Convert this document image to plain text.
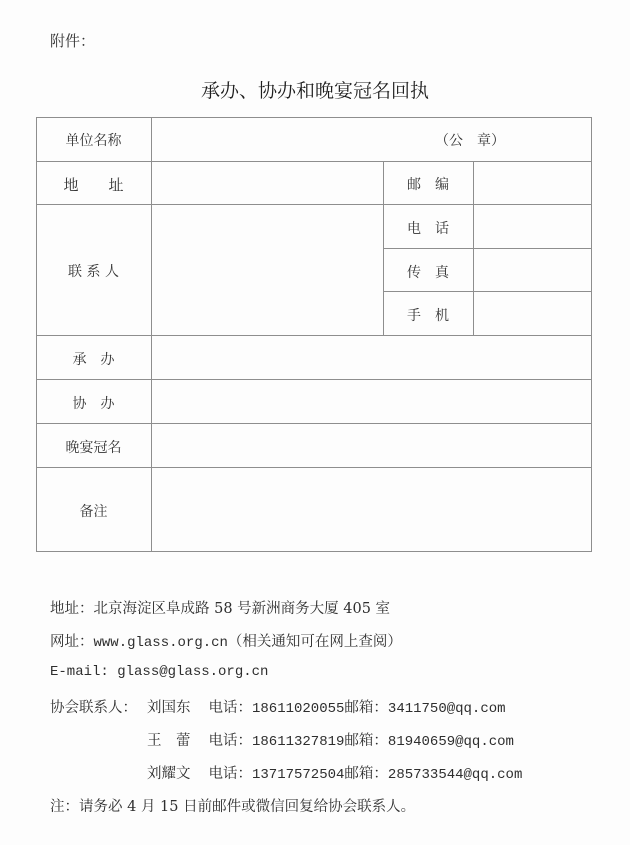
附件：
承办、协办和晚宴冠名回执
单位名称	（公　章）
地　　址	邮　编
联 系 人
电　话
传　真
手　机
承　办
协　办
晚宴冠名
备注
地址：北京海淀区阜成路 58 号新洲商务大厦 405 室
网址：www.glass.org.cn（相关通知可在网上查阅）
E-mail: glass@glass.org.cn
协会联系人： 刘国东 电话：18611020055邮箱：3411750@qq.com
王　蕾 电话：18611327819邮箱：81940659@qq.com
刘耀文 电话：13717572504邮箱：285733544@qq.com
注：请务必 4 月 15 日前邮件或微信回复给协会联系人。
